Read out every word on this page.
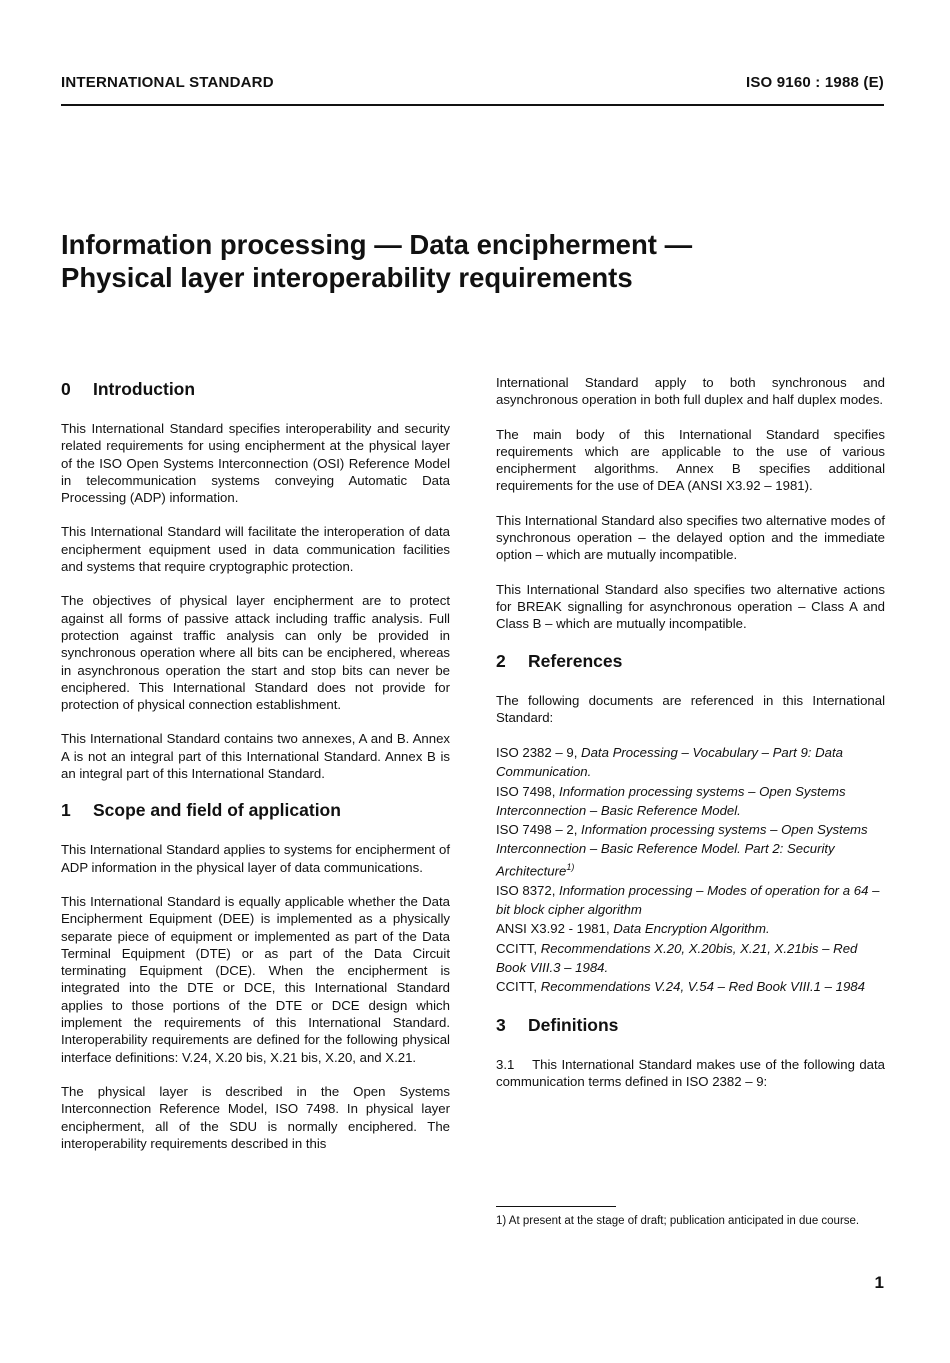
INTERNATIONAL STANDARD	ISO 9160 : 1988 (E)
Information processing — Data encipherment —
Physical layer interoperability requirements
0 Introduction

This International Standard specifies interoperability and security related requirements for using encipherment at the physical layer of the ISO Open Systems Interconnection (OSI) Reference Model in telecommunication systems conveying Automatic Data Processing (ADP) information.

This International Standard will facilitate the interoperation of data encipherment equipment used in data communication facilities and systems that require cryptographic protection.

The objectives of physical layer encipherment are to protect against all forms of passive attack including traffic analysis. Full protection against traffic analysis can only be provided in synchronous operation where all bits can be enciphered, whereas in asynchronous operation the start and stop bits can never be enciphered. This International Standard does not provide for protection of physical connection establishment.

This International Standard contains two annexes, A and B. Annex A is not an integral part of this International Standard. Annex B is an integral part of this International Standard.

1 Scope and field of application

This International Standard applies to systems for encipherment of ADP information in the physical layer of data communications.

This International Standard is equally applicable whether the Data Encipherment Equipment (DEE) is implemented as a physically separate piece of equipment or implemented as part of the Data Terminal Equipment (DTE) or as part of the Data Circuit terminating Equipment (DCE). When the encipherment is integrated into the DTE or DCE, this International Standard applies to those portions of the DTE or DCE design which implement the requirements of this International Standard. Interoperability requirements are defined for the following physical interface definitions: V.24, X.20 bis, X.21 bis, X.20, and X.21.

The physical layer is described in the Open Systems Interconnection Reference Model, ISO 7498. In physical layer encipherment, all of the SDU is normally enciphered. The interoperability requirements described in this

International Standard apply to both synchronous and asynchronous operation in both full duplex and half duplex modes.

The main body of this International Standard specifies requirements which are applicable to the use of various encipherment algorithms. Annex B specifies additional requirements for the use of DEA (ANSI X3.92 – 1981).

This International Standard also specifies two alternative modes of synchronous operation – the delayed option and the immediate option – which are mutually incompatible.

This International Standard also specifies two alternative actions for BREAK signalling for asynchronous operation – Class A and Class B – which are mutually incompatible.

2 References

The following documents are referenced in this International Standard:

ISO 2382 – 9, Data Processing – Vocabulary – Part 9: Data Communication.
ISO 7498, Information processing systems – Open Systems Interconnection – Basic Reference Model.
ISO 7498 – 2, Information processing systems – Open Systems Interconnection – Basic Reference Model. Part 2: Security Architecture$^{1)}$
ISO 8372, Information processing – Modes of operation for a 64 – bit block cipher algorithm
ANSI X3.92 - 1981, Data Encryption Algorithm.
CCITT, Recommendations X.20, X.20bis, X.21, X.21bis – Red Book VIII.3 – 1984.
CCITT, Recommendations V.24, V.54 – Red Book VIII.1 – 1984
3 Definitions

3.1 This International Standard makes use of the following data communication terms defined in ISO 2382 – 9:

1) At present at the stage of draft; publication anticipated in due course.
1
